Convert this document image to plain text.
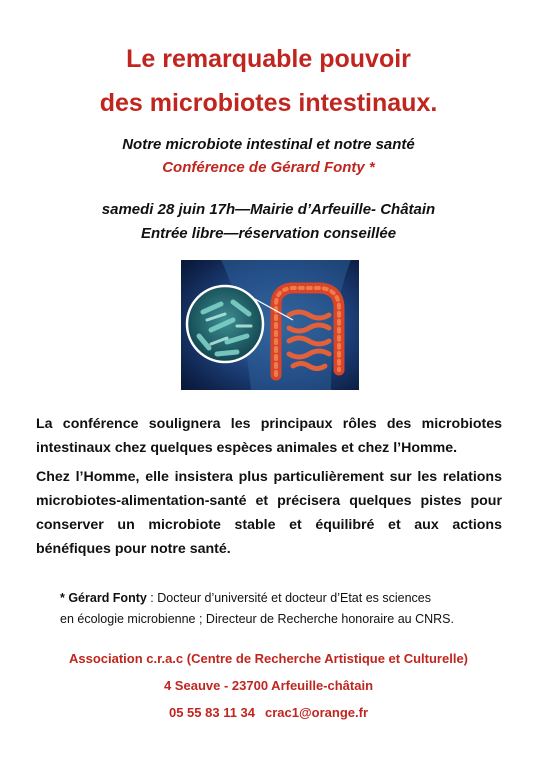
Le remarquable pouvoir
des microbiotes intestinaux.
Notre microbiote intestinal et notre santé
Conférence de Gérard Fonty *
samedi 28 juin 17h—Mairie d’Arfeuille- Châtain
Entrée libre—réservation conseillée
La conférence soulignera les principaux rôles des microbiotes intestinaux chez quelques espèces animales et chez l’Homme.
Chez l’Homme, elle insistera plus particulièrement sur les relations microbiotes-alimentation-santé et précisera quelques pistes pour conserver un microbiote stable et équilibré et aux actions bénéfiques pour notre santé.
* Gérard Fonty : Docteur d’université et docteur d’Etat es sciences
en écologie microbienne ; Directeur de Recherche honoraire au CNRS.
Association c.r.a.c (Centre de Recherche Artistique et Culturelle)
4 Seauve - 23700 Arfeuille-châtain
05 55 83 11 34 crac1@orange.fr
